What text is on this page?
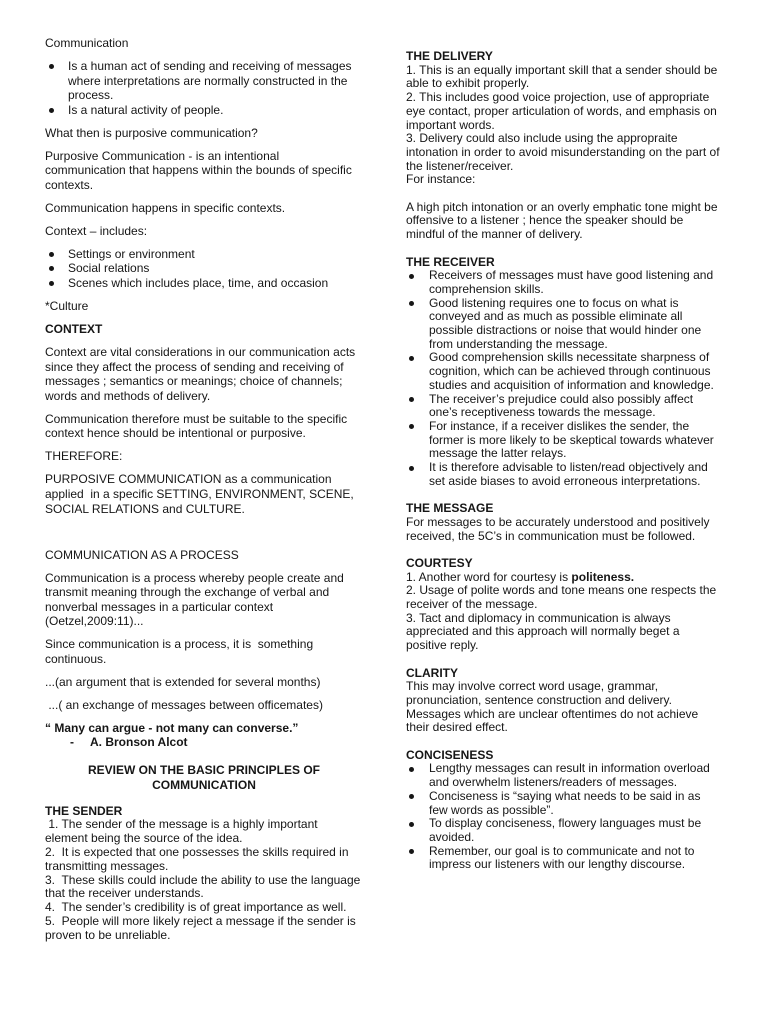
Communication

Is a human act of sending and receiving of messages where interpretations are normally constructed in the process.
Is a natural activity of people.

What then is purposive communication?

Purposive Communication - is an intentional communication that happens within the bounds of specific contexts.

Communication happens in specific contexts.

Context – includes:

Settings or environment
Social relations
Scenes which includes place, time, and occasion

*Culture

CONTEXT

Context are vital considerations in our communication acts since they affect the process of sending and receiving of messages ; semantics or meanings; choice of channels; words and methods of delivery.

Communication therefore must be suitable to the specific context hence should be intentional or purposive.

THEREFORE:

PURPOSIVE COMMUNICATION as a communication applied  in a specific SETTING, ENVIRONMENT, SCENE, SOCIAL RELATIONS and CULTURE.

COMMUNICATION AS A PROCESS

Communication is a process whereby people create and transmit meaning through the exchange of verbal and nonverbal messages in a particular context (Oetzel,2009:11)...

Since communication is a process, it is  something continuous.

...(an argument that is extended for several months)

...( an exchange of messages between officemates)

“ Many can argue - not many can converse.”
- A. Bronson Alcot

REVIEW ON THE BASIC PRINCIPLES OF COMMUNICATION

THE SENDER

1. The sender of the message is a highly important element being the source of the idea.

2.  It is expected that one possesses the skills required in transmitting messages.

3.  These skills could include the ability to use the language that the receiver understands.

4.  The sender’s credibility is of great importance as well.

5.  People will more likely reject a message if the sender is proven to be unreliable.

THE DELIVERY

1. This is an equally important skill that a sender should be able to exhibit properly.

2. This includes good voice projection, use of appropriate eye contact, proper articulation of words, and emphasis on important words.

3. Delivery could also include using the appropraite intonation in order to avoid misunderstanding on the part of the listener/receiver.

For instance:

A high pitch intonation or an overly emphatic tone might be offensive to a listener ; hence the speaker should be mindful of the manner of delivery.

THE RECEIVER

Receivers of messages must have good listening and comprehension skills.
Good listening requires one to focus on what is conveyed and as much as possible eliminate all possible distractions or noise that would hinder one from understanding the message.
Good comprehension skills necessitate sharpness of cognition, which can be achieved through continuous studies and acquisition of information and knowledge.
The receiver’s prejudice could also possibly affect one’s receptiveness towards the message.
For instance, if a receiver dislikes the sender, the former is more likely to be skeptical towards whatever message the latter relays.
It is therefore advisable to listen/read objectively and set aside biases to avoid erroneous interpretations.

THE MESSAGE

For messages to be accurately understood and positively received, the 5C’s in communication must be followed.

COURTESY

1. Another word for courtesy is politeness.

2. Usage of polite words and tone means one respects the receiver of the message.

3. Tact and diplomacy in communication is always appreciated and this approach will normally beget a positive reply.

CLARITY

This may involve correct word usage, grammar, pronunciation, sentence construction and delivery. Messages which are unclear oftentimes do not achieve their desired effect.

CONCISENESS

Lengthy messages can result in information overload and overwhelm listeners/readers of messages.
Conciseness is “saying what needs to be said in as few words as possible”.
To display conciseness, flowery languages must be avoided.
Remember, our goal is to communicate and not to impress our listeners with our lengthy discourse.
